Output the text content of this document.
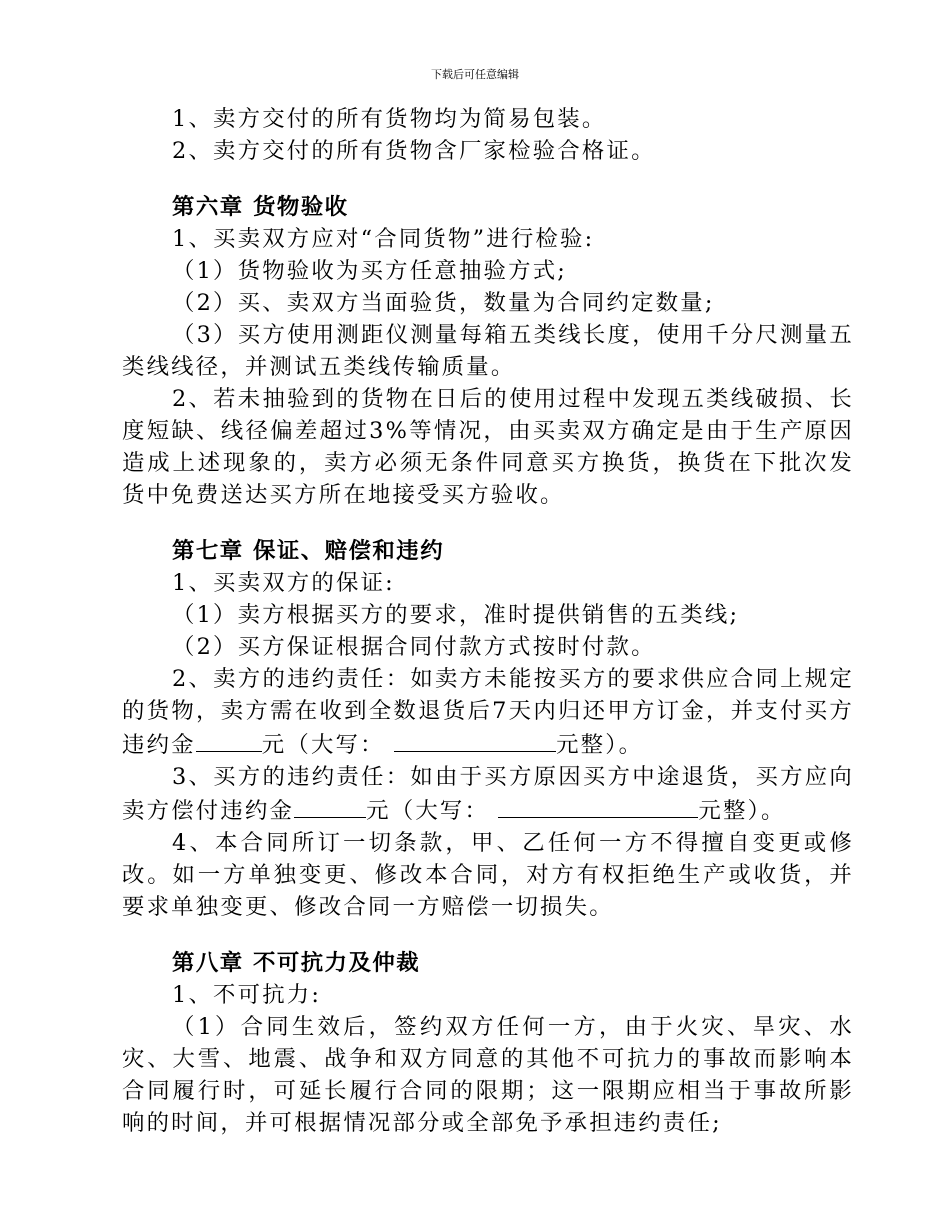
下载后可任意编辑

1、卖方交付的所有货物均为简易包装。

2、卖方交付的所有货物含厂家检验合格证。

第六章 货物验收

1、买卖双方应对“合同货物”进行检验:

（1）货物验收为买方任意抽验方式;

（2）买、卖双方当面验货，数量为合同约定数量;

（3）买方使用测距仪测量每箱五类线长度，使用千分尺测量五类线线径，并测试五类线传输质量。

2、若未抽验到的货物在日后的使用过程中发现五类线破损、长度短缺、线径偏差超过3%等情况，由买卖双方确定是由于生产原因造成上述现象的，卖方必须无条件同意买方换货，换货在下批次发货中免费送达买方所在地接受买方验收。

第七章 保证、赔偿和违约

1、买卖双方的保证:

（1）卖方根据买方的要求，准时提供销售的五类线;

（2）买方保证根据合同付款方式按时付款。

2、卖方的违约责任：如卖方未能按买方的要求供应合同上规定的货物，卖方需在收到全数退货后7天内归还甲方订金，并支付买方违约金	元（大写：	元整）。

3、买方的违约责任：如由于买方原因买方中途退货，买方应向卖方偿付违约金	元（大写：	元整）。

4、本合同所订一切条款，甲、乙任何一方不得擅自变更或修改。如一方单独变更、修改本合同，对方有权拒绝生产或收货，并要求单独变更、修改合同一方赔偿一切损失。

第八章 不可抗力及仲裁

1、不可抗力:

（1）合同生效后，签约双方任何一方，由于火灾、旱灾、水灾、大雪、地震、战争和双方同意的其他不可抗力的事故而影响本合同履行时，可延长履行合同的限期；这一限期应相当于事故所影响的时间，并可根据情况部分或全部免予承担违约责任;
